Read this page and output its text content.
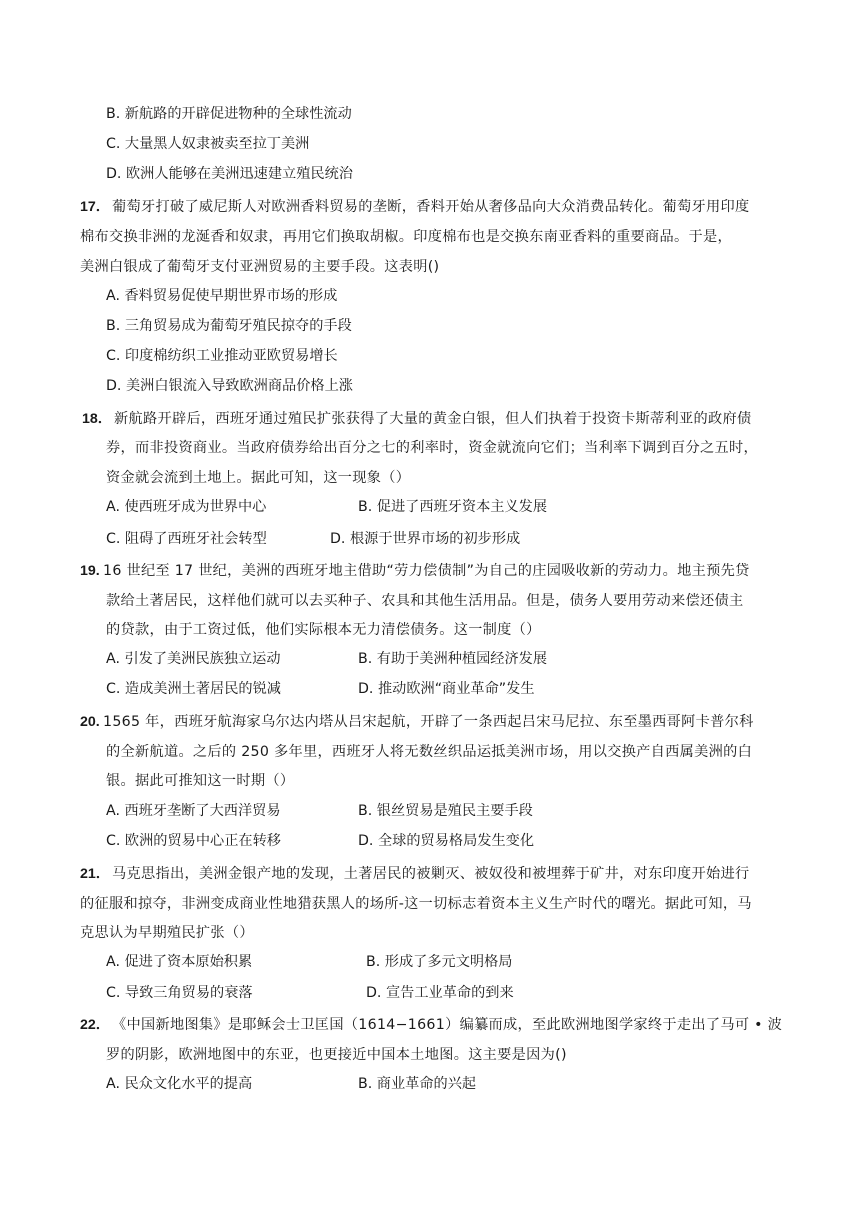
B. 新航路的开辟促进物种的全球性流动
C. 大量黑人奴隶被卖至拉丁美洲
D. 欧洲人能够在美洲迅速建立殖民统治
17． 葡萄牙打破了威尼斯人对欧洲香料贸易的垄断，香料开始从奢侈品向大众消费品转化。葡萄牙用印度
棉布交换非洲的龙涎香和奴隶，再用它们换取胡椒。印度棉布也是交换东南亚香料的重要商品。于是，
美洲白银成了葡萄牙支付亚洲贸易的主要手段。这表明()
A. 香料贸易促使早期世界市场的形成
B. 三角贸易成为葡萄牙殖民掠夺的手段
C. 印度棉纺织工业推动亚欧贸易增长
D. 美洲白银流入导致欧洲商品价格上涨
18． 新航路开辟后，西班牙通过殖民扩张获得了大量的黄金白银，但人们执着于投资卡斯蒂利亚的政府债
券，而非投资商业。当政府债券给出百分之七的利率时，资金就流向它们；当利率下调到百分之五时，
资金就会流到土地上。据此可知，这一现象（）
A. 使西班牙成为世界中心	B. 促进了西班牙资本主义发展
C. 阻碍了西班牙社会转型	D. 根源于世界市场的初步形成
19. 16 世纪至 17 世纪，美洲的西班牙地主借助“劳力偿债制”为自己的庄园吸收新的劳动力。地主预先贷
款给土著居民，这样他们就可以去买种子、农具和其他生活用品。但是，债务人要用劳动来偿还债主
的贷款，由于工资过低，他们实际根本无力清偿债务。这一制度（）
A. 引发了美洲民族独立运动	B. 有助于美洲种植园经济发展
C. 造成美洲土著居民的锐减	D. 推动欧洲“商业革命”发生
20. 1565 年，西班牙航海家乌尔达内塔从吕宋起航，开辟了一条西起吕宋马尼拉、东至墨西哥阿卡普尔科
的全新航道。之后的 250 多年里，西班牙人将无数丝织品运抵美洲市场，用以交换产自西属美洲的白
银。据此可推知这一时期（）
A. 西班牙垄断了大西洋贸易	B. 银丝贸易是殖民主要手段
C. 欧洲的贸易中心正在转移	D. 全球的贸易格局发生变化
21． 马克思指出，美洲金银产地的发现，土著居民的被剿灭、被奴役和被埋葬于矿井，对东印度开始进行
的征服和掠夺，非洲变成商业性地猎获黑人的场所-这一切标志着资本主义生产时代的曙光。据此可知，马
克思认为早期殖民扩张（）
A. 促进了资本原始积累	B. 形成了多元文明格局
C. 导致三角贸易的衰落	D. 宣告工业革命的到来
22． 《中国新地图集》是耶稣会士卫匡国（1614−1661）编纂而成，至此欧洲地图学家终于走出了马可 • 波
罗的阴影，欧洲地图中的东亚，也更接近中国本土地图。这主要是因为()
A. 民众文化水平的提高	B. 商业革命的兴起
